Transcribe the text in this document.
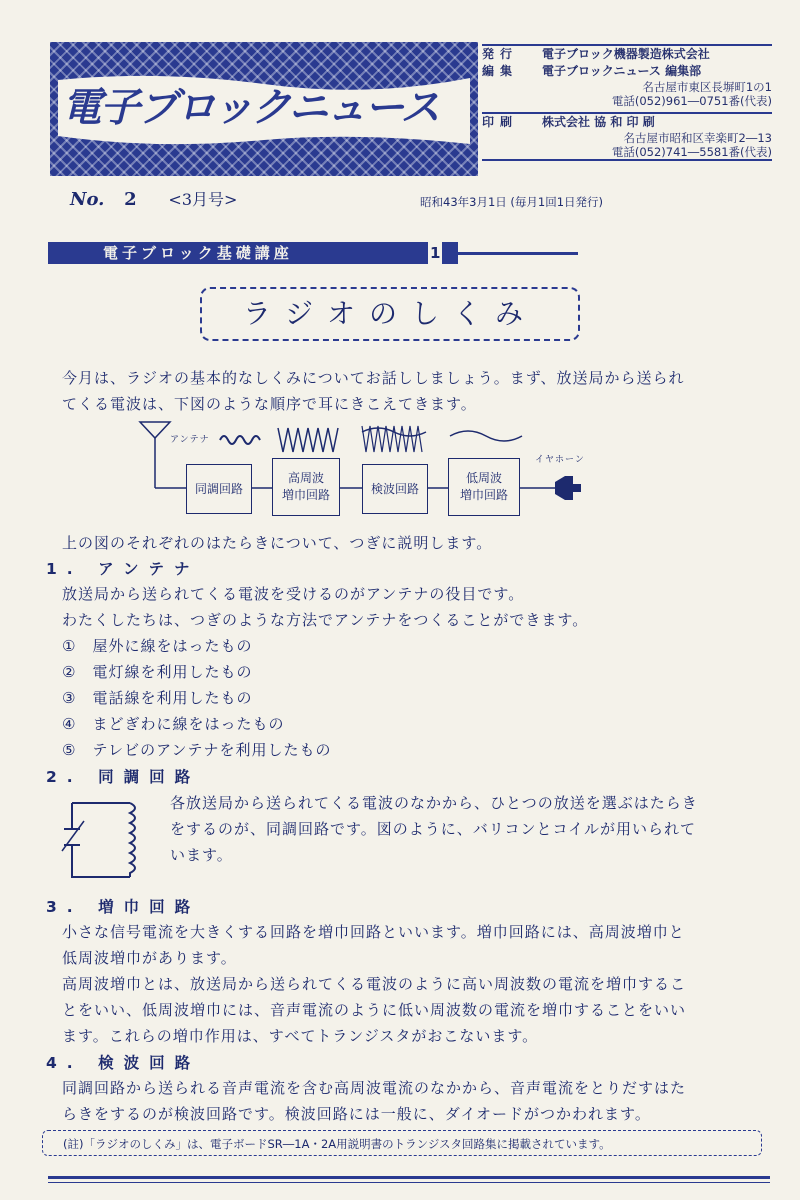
電子ブロックニュース
発行 電子ブロック機器製造株式会社
編集 電子ブロックニュース 編集部
名古屋市東区長塀町1の1
電話(052)961―0751番(代表)
印刷 株式会社 協 和 印 刷
名古屋市昭和区幸楽町2―13
電話(052)741―5581番(代表)
No. 2 <3月号>	昭和43年3月1日 (毎月1回1日発行)
電子ブロック基礎講座	1
ラジオのしくみ
今月は、ラジオの基本的なしくみについてお話ししましょう。まず、放送局から送られ
てくる電波は、下図のような順序で耳にきこえてきます。
アンテナ
イヤホーン
同調回路
高周波
増巾回路	検波回路
低周波
増巾回路
上の図のそれぞれのはたらきについて、つぎに説明します。
1. アンテナ
放送局から送られてくる電波を受けるのがアンテナの役目です。
わたくしたちは、つぎのような方法でアンテナをつくることができます。
①　屋外に線をはったもの
②　電灯線を利用したもの
③　電話線を利用したもの
④　まどぎわに線をはったもの
⑤　テレビのアンテナを利用したもの
2. 同調回路
各放送局から送られてくる電波のなかから、ひとつの放送を選ぶはたらき
をするのが、同調回路です。図のように、バリコンとコイルが用いられて
います。
3. 増巾回路
小さな信号電流を大きくする回路を増巾回路といいます。増巾回路には、高周波増巾と
低周波増巾があります。
高周波増巾とは、放送局から送られてくる電波のように高い周波数の電流を増巾するこ
とをいい、低周波増巾には、音声電流のように低い周波数の電流を増巾することをいい
ます。これらの増巾作用は、すべてトランジスタがおこないます。
4. 検波回路
同調回路から送られる音声電流を含む高周波電流のなかから、音声電流をとりだすはた
らきをするのが検波回路です。検波回路には一般に、ダイオードがつかわれます。
(註)「ラジオのしくみ」は、電子ボードSR―1A・2A用説明書のトランジスタ回路集に掲載されています。
